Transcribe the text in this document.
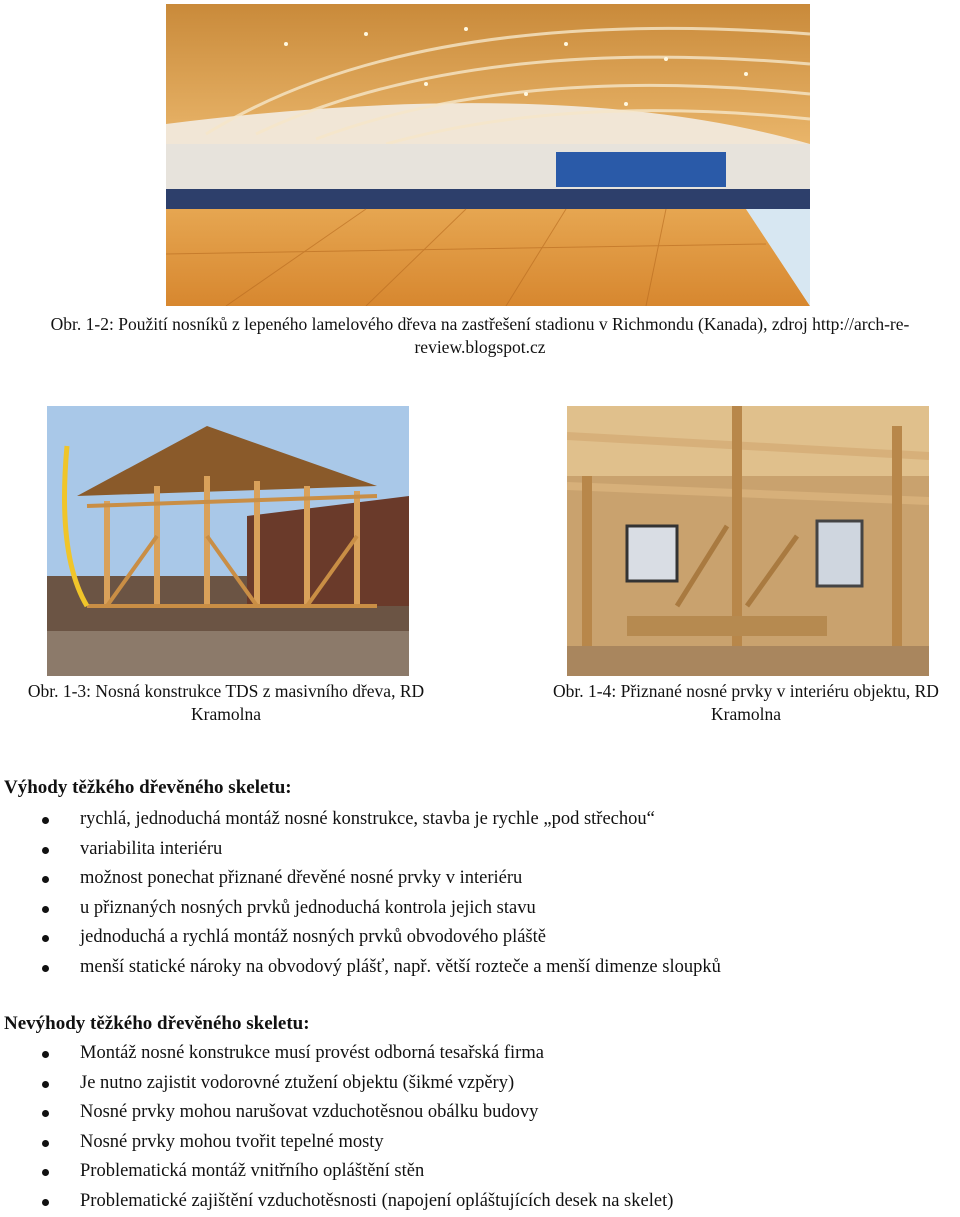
Obr. 1-2: Použití nosníků z lepeného lamelového dřeva na zastřešení stadionu v Richmondu (Kanada), zdroj http://arch-re-
review.blogspot.cz
Obr. 1-3: Nosná konstrukce TDS z masivního dřeva, RD
Kramolna
Obr. 1-4: Přiznané nosné prvky v interiéru objektu, RD
Kramolna
Výhody těžkého dřevěného skeletu:
rychlá, jednoduchá montáž nosné konstrukce, stavba je rychle „pod střechou“
variabilita interiéru
možnost ponechat přiznané dřevěné nosné prvky v interiéru
u přiznaných nosných prvků jednoduchá kontrola jejich stavu
jednoduchá a rychlá montáž nosných prvků obvodového pláště
menší statické nároky na obvodový plášť, např. větší rozteče a menší dimenze sloupků
Nevýhody těžkého dřevěného skeletu:
Montáž nosné konstrukce musí provést odborná tesařská firma
Je nutno zajistit vodorovné ztužení objektu (šikmé vzpěry)
Nosné prvky mohou narušovat vzduchotěsnou obálku budovy
Nosné prvky mohou tvořit tepelné mosty
Problematická montáž vnitřního opláštění stěn
Problematické zajištění vzduchotěsnosti (napojení opláštujících desek na skelet)
